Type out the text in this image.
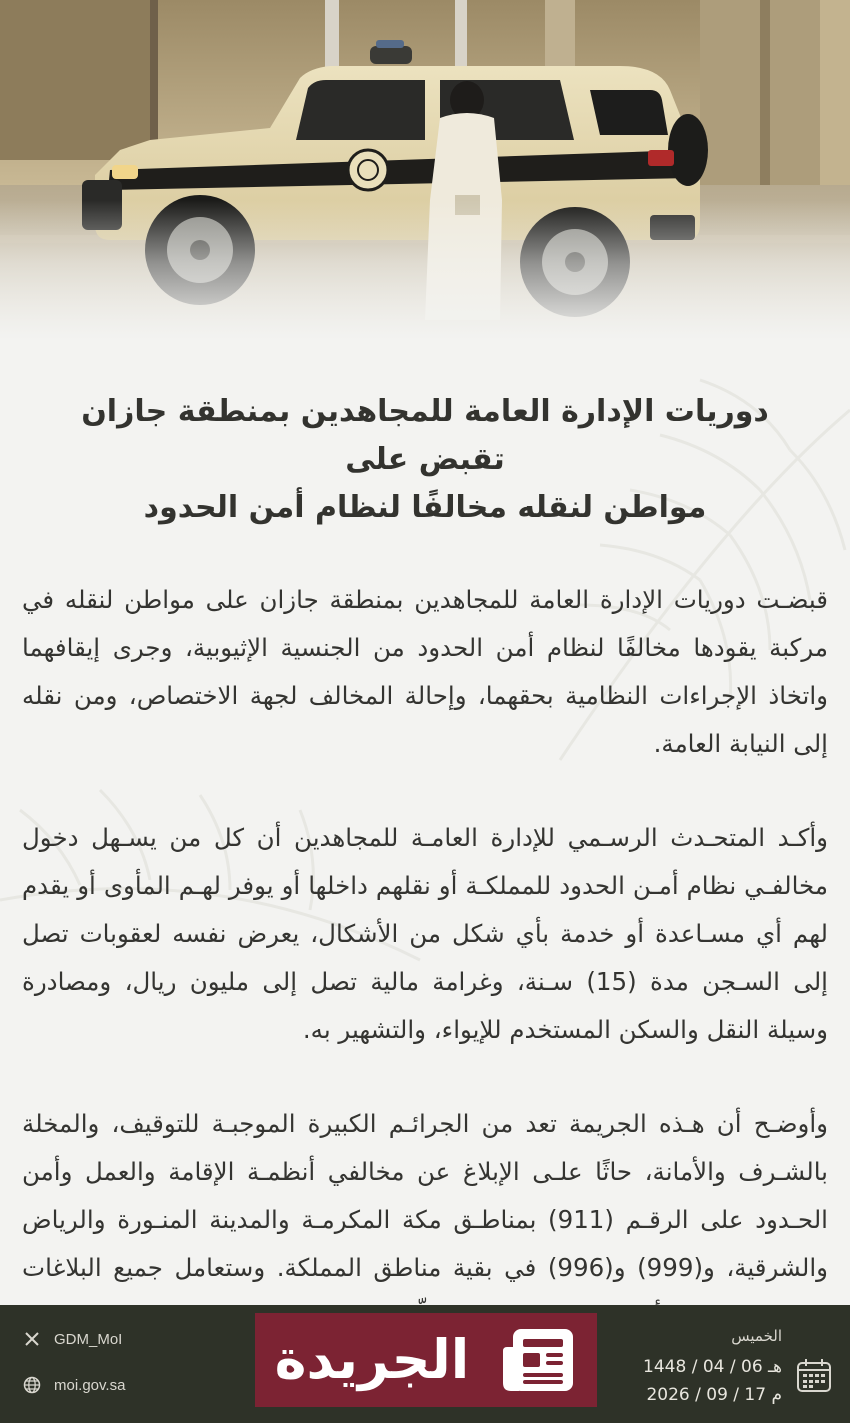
دوريات الإدارة العامة للمجاهدين بمنطقة جازان تقبض على
مواطن لنقله مخالفًا لنظام أمن الحدود

قبضـت دوريات الإدارة العامة للمجاهدين بمنطقة جازان على مواطن لنقله في مركبة يقودها مخالفًا لنظام أمن الحدود من الجنسية الإثيوبية، وجرى إيقافهما واتخاذ الإجراءات النظامية بحقهما، وإحالة المخالف لجهة الاختصاص، ومن نقله إلى النيابة العامة.

وأكـد المتحـدث الرسـمي للإدارة العامـة للمجاهدين أن كل من يسـهل دخول مخالفـي نظام أمـن الحدود للمملكـة أو نقلهم داخلها أو يوفر لهـم المأوى أو يقدم لهم أي مسـاعدة أو خدمة بأي شكل من الأشكال، يعرض نفسه لعقوبات تصل إلى السـجن مدة (15) سـنة، وغرامة مالية تصل إلى مليون ريال، ومصادرة وسيلة النقل والسكن المستخدم للإيواء، والتشهير به.

وأوضـح أن هـذه الجريمة تعد من الجرائـم الكبيرة الموجبـة للتوقيف، والمخلة بالشـرف والأمانة، حاثًا علـى الإبلاغ عن مخالفي أنظمـة الإقامة والعمل وأمن الحـدود على الرقـم (911) بمناطـق مكة المكرمـة والمدينة المنـورة والرياض والشرقية، و(999) و(996) في بقية مناطق المملكة. وستعامل جميع البلاغات

GDM_MoI
moi.gov.sa
الخميس
1448 / 04 / 06 هـ
2026 / 09 / 17 م
الجريدة
